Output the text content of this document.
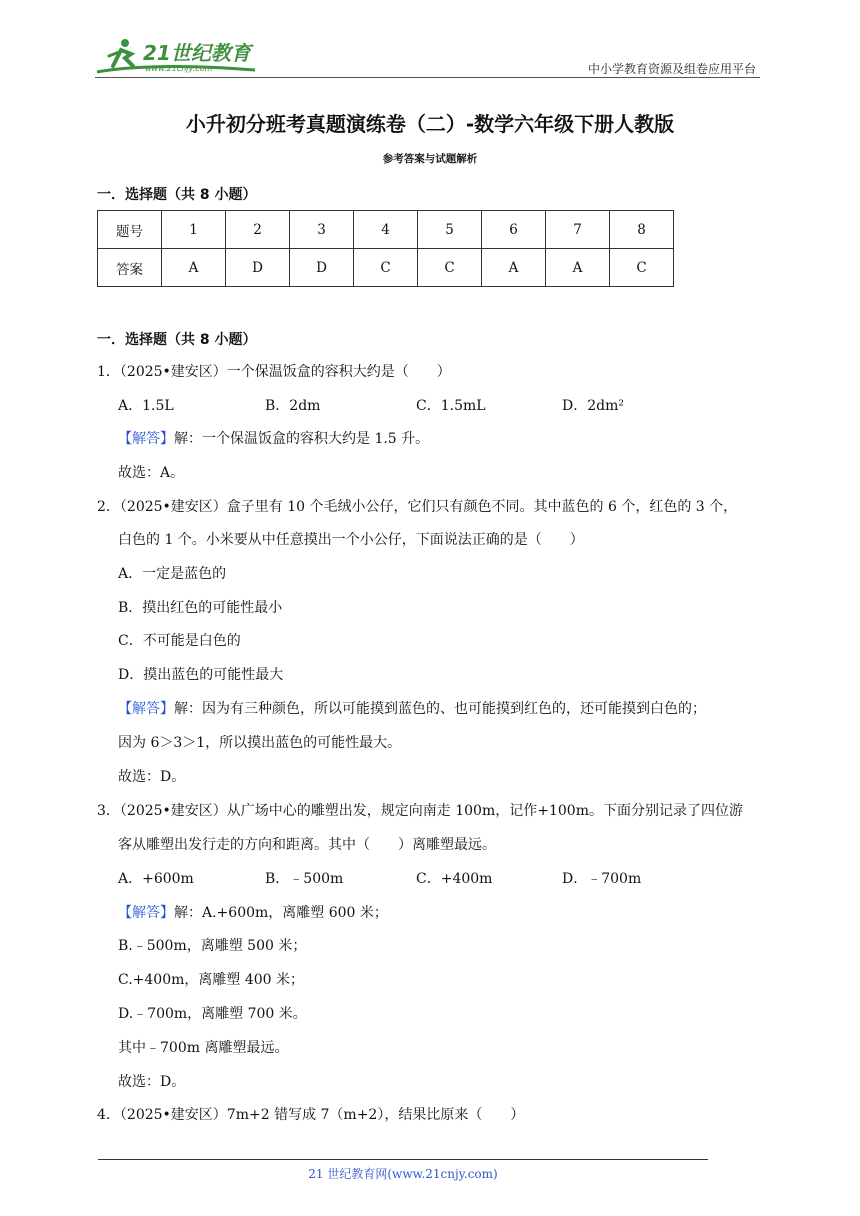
21世纪教育
www.21cnjy.com	中小学教育资源及组卷应用平台
小升初分班考真题演练卷（二）-数学六年级下册人教版
参考答案与试题解析
一．选择题（共 8 小题）
题号	1	2	3	4	5	6	7	8
答案	A	D	D	C	C	A	A	C
一．选择题（共 8 小题）
1．（2025•建安区）一个保温饭盒的容积大约是（　　）
A．1.5L	B．2dm	C．1.5mL	D．2dm²
【解答】解：一个保温饭盒的容积大约是 1.5 升。
故选：A。
2．（2025•建安区）盒子里有 10 个毛绒小公仔，它们只有颜色不同。其中蓝色的 6 个，红色的 3 个，
白色的 1 个。小米要从中任意摸出一个小公仔，下面说法正确的是（　　）
A．一定是蓝色的
B．摸出红色的可能性最小
C．不可能是白色的
D．摸出蓝色的可能性最大
【解答】解：因为有三种颜色，所以可能摸到蓝色的、也可能摸到红色的，还可能摸到白色的；
因为 6＞3＞1，所以摸出蓝色的可能性最大。
故选：D。
3．（2025•建安区）从广场中心的雕塑出发，规定向南走 100m，记作+100m。下面分别记录了四位游
客从雕塑出发行走的方向和距离。其中（　　）离雕塑最远。
A．+600m	B．﹣500m	C．+400m	D．﹣700m
【解答】解：A.+600m，离雕塑 600 米；
B.﹣500m，离雕塑 500 米；
C.+400m，离雕塑 400 米；
D.﹣700m，离雕塑 700 米。
其中﹣700m 离雕塑最远。
故选：D。
4．（2025•建安区）7m+2 错写成 7（m+2），结果比原来（　　）
21 世纪教育网(www.21cnjy.com)
